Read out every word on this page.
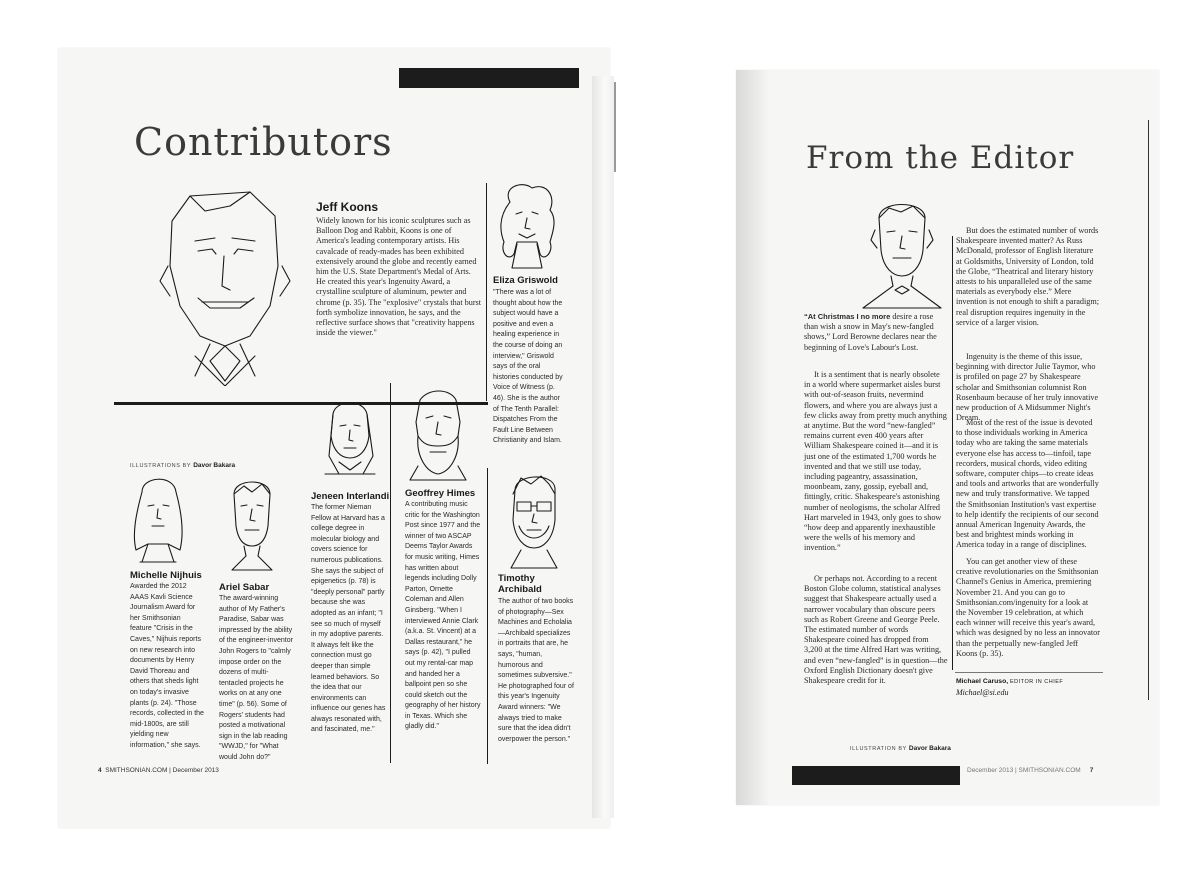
Contributors
Jeff Koons
Widely known for his iconic sculptures such as Balloon Dog and Rabbit, Koons is one of America's leading contemporary artists. His cavalcade of ready-mades has been exhibited extensively around the globe and recently earned him the U.S. State Department's Medal of Arts. He created this year's Ingenuity Award, a crystalline sculpture of aluminum, pewter and chrome (p. 35). The "explosive" crystals that burst forth symbolize innovation, he says, and the reflective surface shows that "creativity happens inside the viewer."
Eliza Griswold
"There was a lot of thought about how the subject would have a positive and even a healing experience in the course of doing an interview," Griswold says of the oral histories conducted by Voice of Witness (p. 46). She is the author of The Tenth Parallel: Dispatches From the Fault Line Between Christianity and Islam.
ILLUSTRATIONS BY Davor Bakara
Michelle Nijhuis
Awarded the 2012 AAAS Kavli Science Journalism Award for her Smithsonian feature "Crisis in the Caves," Nijhuis reports on new research into documents by Henry David Thoreau and others that sheds light on today's invasive plants (p. 24). "Those records, collected in the mid-1800s, are still yielding new information," she says.
Ariel Sabar
The award-winning author of My Father's Paradise, Sabar was impressed by the ability of the engineer-inventor John Rogers to "calmly impose order on the dozens of multi-tentacled projects he works on at any one time" (p. 56). Some of Rogers' students had posted a motivational sign in the lab reading "WWJD," for "What would John do?"
Jeneen Interlandi
The former Nieman Fellow at Harvard has a college degree in molecular biology and covers science for numerous publications. She says the subject of epigenetics (p. 78) is "deeply personal" partly because she was adopted as an infant; "I see so much of myself in my adoptive parents. It always felt like the connection must go deeper than simple learned behaviors. So the idea that our environments can influence our genes has always resonated with, and fascinated, me."
Geoffrey Himes
A contributing music critic for the Washington Post since 1977 and the winner of two ASCAP Deems Taylor Awards for music writing, Himes has written about legends including Dolly Parton, Ornette Coleman and Allen Ginsberg. "When I interviewed Annie Clark (a.k.a. St. Vincent) at a Dallas restaurant," he says (p. 42), "I pulled out my rental-car map and handed her a ballpoint pen so she could sketch out the geography of her history in Texas. Which she gladly did."
Timothy
Archibald
The author of two books of photography—Sex Machines and Echolalia—Archibald specializes in portraits that are, he says, "human, humorous and sometimes subversive." He photographed four of this year's Ingenuity Award winners: "We always tried to make sure that the idea didn't overpower the person."
4 SMITHSONIAN.COM | December 2013
From the Editor
“At Christmas I no more desire a rose than wish a snow in May's new-fangled shows,” Lord Berowne declares near the beginning of Love's Labour's Lost.
It is a sentiment that is nearly obsolete in a world where supermarket aisles burst with out-of-season fruits, nevermind flowers, and where you are always just a few clicks away from pretty much anything at anytime. But the word “new-fangled” remains current even 400 years after William Shakespeare coined it—and it is just one of the estimated 1,700 words he invented and that we still use today, including pageantry, assassination, moonbeam, zany, gossip, eyeball and, fittingly, critic. Shakespeare's astonishing number of neologisms, the scholar Alfred Hart marveled in 1943, only goes to show “how deep and apparently inexhaustible were the wells of his memory and invention.”
Or perhaps not. According to a recent Boston Globe column, statistical analyses suggest that Shakespeare actually used a narrower vocabulary than obscure peers such as Robert Greene and George Peele. The estimated number of words Shakespeare coined has dropped from 3,200 at the time Alfred Hart was writing, and even “new-fangled” is in question—the Oxford English Dictionary doesn't give Shakespeare credit for it.
But does the estimated number of words Shakespeare invented matter? As Russ McDonald, professor of English literature at Goldsmiths, University of London, told the Globe, “Theatrical and literary history attests to his unparalleled use of the same materials as everybody else.” Mere invention is not enough to shift a paradigm; real disruption requires ingenuity in the service of a larger vision.
Ingenuity is the theme of this issue, beginning with director Julie Taymor, who is profiled on page 27 by Shakespeare scholar and Smithsonian columnist Ron Rosenbaum because of her truly innovative new production of A Midsummer Night's Dream.
Most of the rest of the issue is devoted to those individuals working in America today who are taking the same materials everyone else has access to—tinfoil, tape recorders, musical chords, video editing software, computer chips—to create ideas and tools and artworks that are wonderfully new and truly transformative. We tapped the Smithsonian Institution's vast expertise to help identify the recipients of our second annual American Ingenuity Awards, the best and brightest minds working in America today in a range of disciplines.
You can get another view of these creative revolutionaries on the Smithsonian Channel's Genius in America, premiering November 21. And you can go to Smithsonian.com/ingenuity for a look at the November 19 celebration, at which each winner will receive this year's award, which was designed by no less an innovator than the perpetually new-fangled Jeff Koons (p. 35).
Michael Caruso, EDITOR IN CHIEF
Michael@si.edu
ILLUSTRATION BY Davor Bakara
December 2013 | SMITHSONIAN.COM 7
